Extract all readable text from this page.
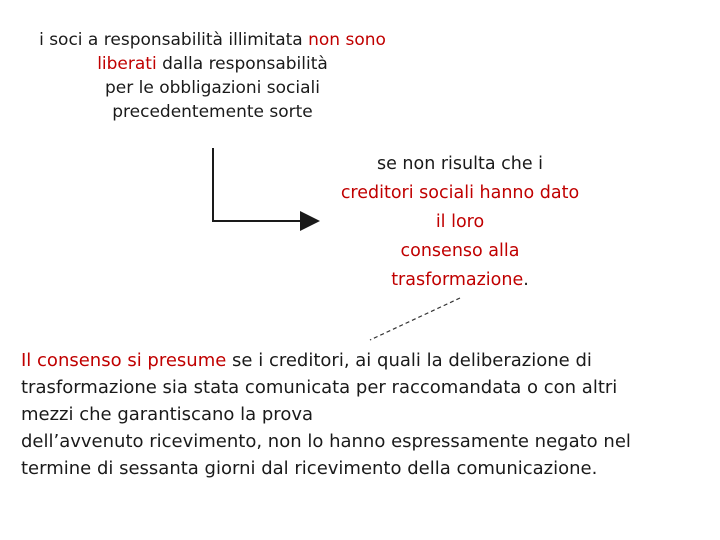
i soci a responsabilità illimitata non sono
liberati dalla responsabilità
per le obbligazioni sociali
precedentemente sorte
se non risulta che i
creditori sociali hanno dato
il loro
consenso alla
trasformazione.
Il consenso si presume se i creditori, ai quali la deliberazione di
trasformazione sia stata comunicata per raccomandata o con altri
mezzi che garantiscano la prova
dell’avvenuto ricevimento, non lo hanno espressamente negato nel
termine di sessanta giorni dal ricevimento della comunicazione.
